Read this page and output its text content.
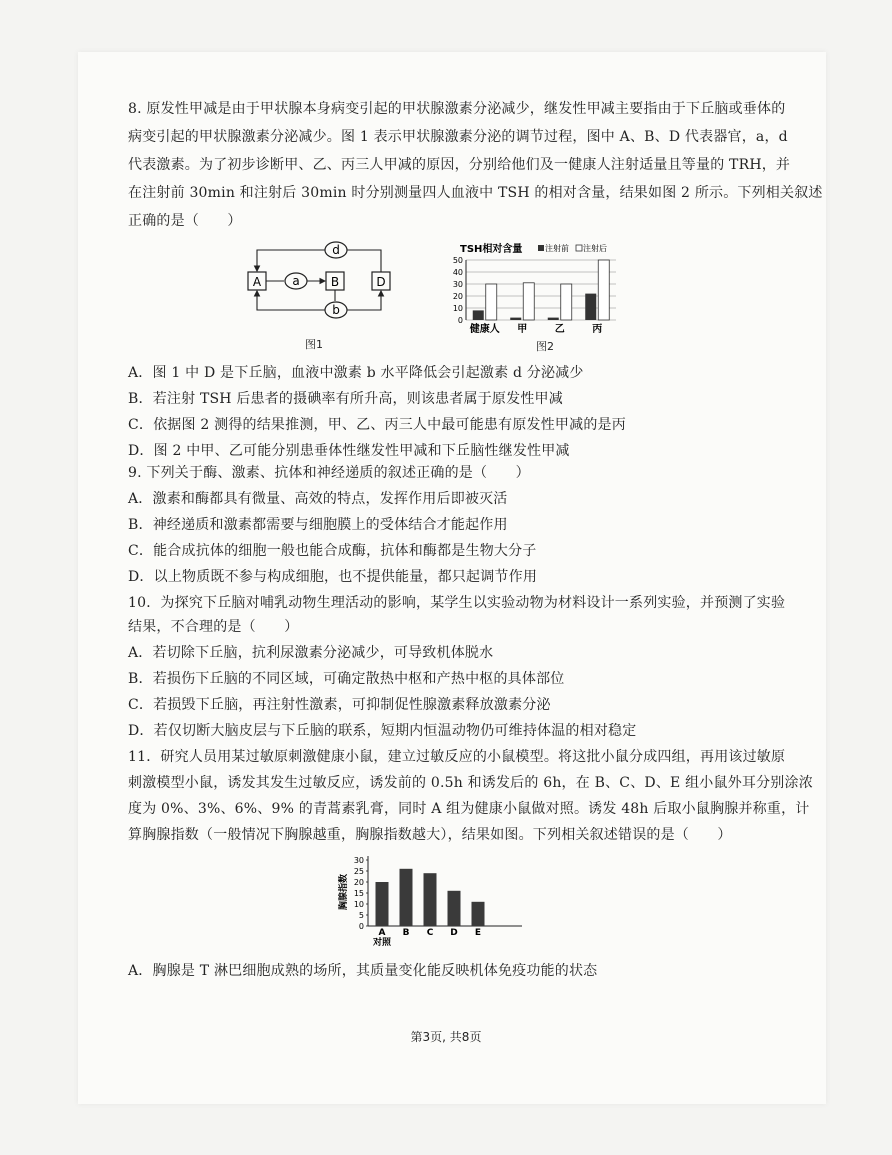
8. 原发性甲减是由于甲状腺本身病变引起的甲状腺激素分泌减少，继发性甲减主要指由于下丘脑或垂体的
病变引起的甲状腺激素分泌减少。图 1 表示甲状腺激素分泌的调节过程，图中 A、B、D 代表器官，a，d
代表激素。为了初步诊断甲、乙、丙三人甲减的原因，分别给他们及一健康人注射适量且等量的 TRH，并
在注射前 30min 和注射后 30min 时分别测量四人血液中 TSH 的相对含量，结果如图 2 所示。下列相关叙述
正确的是（　　）
A	B	D
d
a
b
图1
TSH相对含量	注射前 注射后
0
10
20
30
40
50
健康人 甲	乙	丙
图2
A．图 1 中 D 是下丘脑，血液中激素 b 水平降低会引起激素 d 分泌减少
B．若注射 TSH 后患者的摄碘率有所升高，则该患者属于原发性甲减
C．依据图 2 测得的结果推测，甲、乙、丙三人中最可能患有原发性甲减的是丙
D．图 2 中甲、乙可能分别患垂体性继发性甲减和下丘脑性继发性甲减
9. 下列关于酶、激素、抗体和神经递质的叙述正确的是（　　）
A．激素和酶都具有微量、高效的特点，发挥作用后即被灭活
B．神经递质和激素都需要与细胞膜上的受体结合才能起作用
C．能合成抗体的细胞一般也能合成酶，抗体和酶都是生物大分子
D．以上物质既不参与构成细胞，也不提供能量，都只起调节作用
10．为探究下丘脑对哺乳动物生理活动的影响，某学生以实验动物为材料设计一系列实验，并预测了实验
结果，不合理的是（　　）
A．若切除下丘脑，抗利尿激素分泌减少，可导致机体脱水
B．若损伤下丘脑的不同区域，可确定散热中枢和产热中枢的具体部位
C．若损毁下丘脑，再注射性激素，可抑制促性腺激素释放激素分泌
D．若仅切断大脑皮层与下丘脑的联系，短期内恒温动物仍可维持体温的相对稳定
11．研究人员用某过敏原刺激健康小鼠，建立过敏反应的小鼠模型。将这批小鼠分成四组，再用该过敏原
刺激模型小鼠，诱发其发生过敏反应，诱发前的 0.5h 和诱发后的 6h，在 B、C、D、E 组小鼠外耳分别涂浓
度为 0%、3%、6%、9% 的青蒿素乳膏，同时 A 组为健康小鼠做对照。诱发 48h 后取小鼠胸腺并称重，计
算胸腺指数（一般情况下胸腺越重，胸腺指数越大），结果如图。下列相关叙述错误的是（　　）
胸腺指数
0
5
10
15
20
25
30
A B C D E
对照
A．胸腺是 T 淋巴细胞成熟的场所，其质量变化能反映机体免疫功能的状态
第3页, 共8页
